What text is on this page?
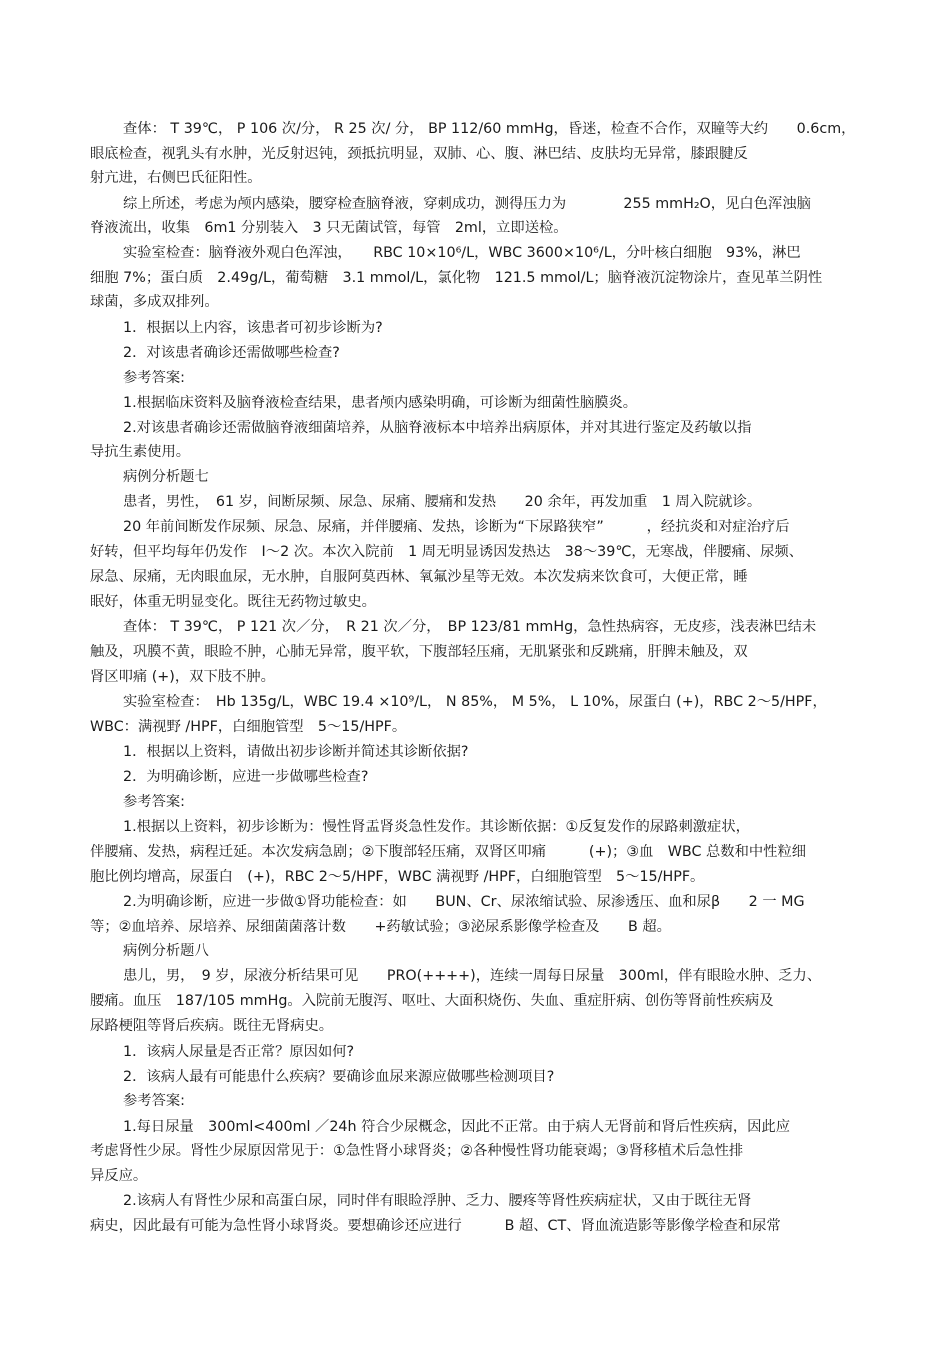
查体： T 39℃， P 106 次/分， R 25 次/ 分， BP 112/60 mmHg，昏迷，检查不合作，双瞳等大约　　0.6cm，
眼底检查，视乳头有水肿，光反射迟钝，颈抵抗明显，双肺、心、腹、淋巴结、皮肤均无异常，膝跟腱反
射亢进，右侧巴氏征阳性。
综上所述，考虑为颅内感染，腰穿检查脑脊液，穿刺成功，测得压力为　　　　255 mmH₂O，见白色浑浊脑
脊液流出，收集　6m1 分别装入　3 只无菌试管，每管　2ml，立即送检。
实验室检查：脑脊液外观白色浑浊，　　RBC 10×10⁶/L，WBC 3600×10⁶/L，分叶核白细胞　93%，淋巴
细胞 7%；蛋白质　2.49g/L，葡萄糖　3.1 mmol/L，氯化物　121.5 mmol/L；脑脊液沉淀物涂片，查见革兰阴性
球菌，多成双排列。
1．根据以上内容，该患者可初步诊断为?
2．对该患者确诊还需做哪些检查?
参考答案:
1.根据临床资料及脑脊液检查结果，患者颅内感染明确，可诊断为细菌性脑膜炎。
2.对该患者确诊还需做脑脊液细菌培养，从脑脊液标本中培养出病原体，并对其进行鉴定及药敏以指
导抗生素使用。
病例分析题七
患者，男性，　61 岁，间断尿频、尿急、尿痛、腰痛和发热　　20 余年，再发加重　1 周入院就诊。
20 年前间断发作尿频、尿急、尿痛，并伴腰痛、发热，诊断为“下尿路狭窄”　　　，经抗炎和对症治疗后
好转，但平均每年仍发作　I～2 次。本次入院前　1 周无明显诱因发热达　38～39℃，无寒战，伴腰痛、尿频、
尿急、尿痛，无肉眼血尿，无水肿，自服阿莫西林、氧氟沙星等无效。本次发病来饮食可，大便正常，睡
眠好，体重无明显变化。既往无药物过敏史。
查体： T 39℃， P 121 次／分，　R 21 次／分，　BP 123/81 mmHg，急性热病容，无皮疹，浅表淋巴结未
触及，巩膜不黄，眼睑不肿，心肺无异常，腹平软，下腹部轻压痛，无肌紧张和反跳痛，肝脾未触及，双
肾区叩痛 (+)，双下肢不肿。
实验室检查：　Hb 135g/L，WBC 19.4 ×10⁹/L， N 85%， M 5%， L 10%，尿蛋白 (+)，RBC 2～5/HPF，
WBC：满视野 /HPF，白细胞管型　5～15/HPF。
1．根据以上资料，请做出初步诊断并简述其诊断依据?
2．为明确诊断，应进一步做哪些检查?
参考答案:
1.根据以上资料，初步诊断为：慢性肾盂肾炎急性发作。其诊断依据：①反复发作的尿路刺激症状，
伴腰痛、发热，病程迁延。本次发病急剧；②下腹部轻压痛，双肾区叩痛　　　(+)；③血　WBC 总数和中性粒细
胞比例均增高，尿蛋白　(+)，RBC 2～5/HPF，WBC 满视野 /HPF，白细胞管型　5～15/HPF。
2.为明确诊断，应进一步做①肾功能检查：如　　BUN、Cr、尿浓缩试验、尿渗透压、血和尿β　　2 一 MG
等；②血培养、尿培养、尿细菌菌落计数　　+药敏试验；③泌尿系影像学检查及　　B 超。
病例分析题八
患儿，男，　9 岁，尿液分析结果可见　　PRO(++++)，连续一周每日尿量　300ml，伴有眼睑水肿、乏力、
腰痛。血压　187/105 mmHg。入院前无腹泻、呕吐、大面积烧伤、失血、重症肝病、创伤等肾前性疾病及
尿路梗阻等肾后疾病。既往无肾病史。
1．该病人尿量是否正常？原因如何?
2．该病人最有可能患什么疾病？要确诊血尿来源应做哪些检测项目?
参考答案:
1.每日尿量　300ml<400ml ／24h 符合少尿概念，因此不正常。由于病人无肾前和肾后性疾病，因此应
考虑肾性少尿。肾性少尿原因常见于：①急性肾小球肾炎；②各种慢性肾功能衰竭；③肾移植术后急性排
异反应。
2.该病人有肾性少尿和高蛋白尿，同时伴有眼睑浮肿、乏力、腰疼等肾性疾病症状，又由于既往无肾
病史，因此最有可能为急性肾小球肾炎。要想确诊还应进行　　　B 超、CT、肾血流造影等影像学检查和尿常
